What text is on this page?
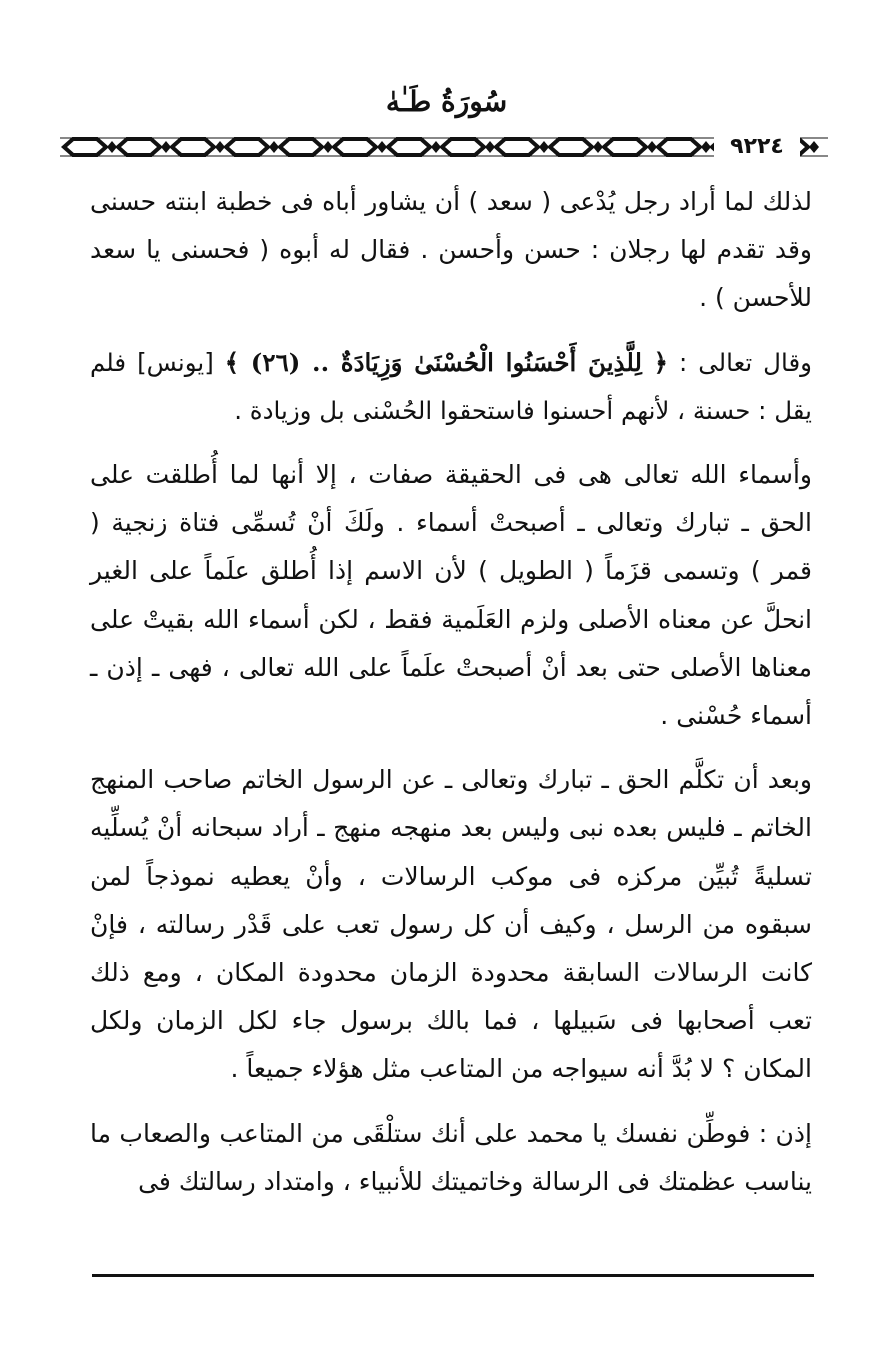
سُورَةُ طَـٰهٰ
٩٢٢٤

لذلك لما أراد رجل يُدْعى ( سعد ) أن يشاور أباه فى خطبة ابنته حسنى وقد تقدم لها رجلان : حسن وأحسن . فقال له أبوه ( فحسنى يا سعد للأحسن ) .

وقال تعالى : ﴿ لِلَّذِينَ أَحْسَنُوا الْحُسْنَىٰ وَزِيَادَةٌ .. (٢٦) ﴾ [يونس] فلم يقل : حسنة ، لأنهم أحسنوا فاستحقوا الحُسْنى بل وزيادة .

وأسماء الله تعالى هى فى الحقيقة صفات ، إلا أنها لما أُطلقت على الحق ـ تبارك وتعالى ـ أصبحتْ أسماء . ولَكَ أنْ تُسمِّى فتاة زنجية ( قمر ) وتسمى قزَماً ( الطويل ) لأن الاسم إذا أُطلق علَماً على الغير انحلَّ عن معناه الأصلى ولزم العَلَمية فقط ، لكن أسماء الله بقيتْ على معناها الأصلى حتى بعد أنْ أصبحتْ علَماً على الله تعالى ، فهى ـ إذن ـ أسماء حُسْنى .

وبعد أن تكلَّم الحق ـ تبارك وتعالى ـ عن الرسول الخاتم صاحب المنهج الخاتم ـ فليس بعده نبى وليس بعد منهجه منهج ـ أراد سبحانه أنْ يُسلِّيه تسليةً تُبيِّن مركزه فى موكب الرسالات ، وأنْ يعطيه نموذجاً لمن سبقوه من الرسل ، وكيف أن كل رسول تعب على قَدْر رسالته ، فإنْ كانت الرسالات السابقة محدودة الزمان محدودة المكان ، ومع ذلك تعب أصحابها فى سَبيلها ، فما بالك برسول جاء لكل الزمان ولكل المكان ؟ لا بُدَّ أنه سيواجه من المتاعب مثل هؤلاء جميعاً .

إذن : فوطِّن نفسك يا محمد على أنك ستلْقَى من المتاعب والصعاب ما يناسب عظمتك فى الرسالة وخاتميتك للأنبياء ، وامتداد رسالتك فى
